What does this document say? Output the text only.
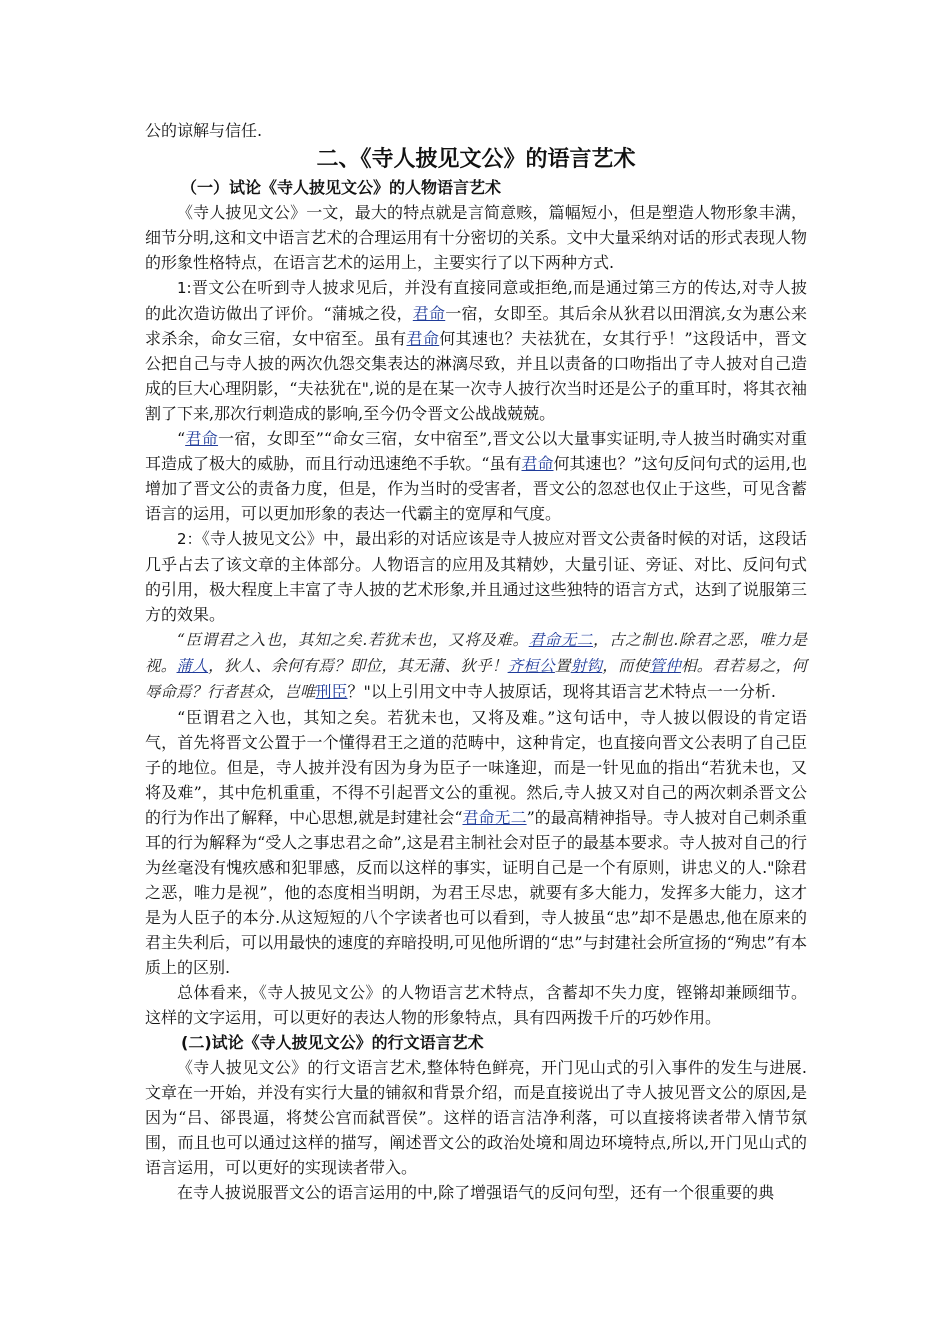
公的谅解与信任.
二、《寺人披见文公》的语言艺术
（一）试论《寺人披见文公》的人物语言艺术

《寺人披见文公》一文，最大的特点就是言简意赅，篇幅短小，但是塑造人物形象丰满，细节分明,这和文中语言艺术的合理运用有十分密切的关系。文中大量采纳对话的形式表现人物的形象性格特点，在语言艺术的运用上，主要实行了以下两种方式.

1:晋文公在听到寺人披求见后，并没有直接同意或拒绝,而是通过第三方的传达,对寺人披的此次造访做出了评价。“蒲城之役，君命一宿，女即至。其后余从狄君以田渭滨,女为惠公来求杀余，命女三宿，女中宿至。虽有君命何其速也？夫祛犹在，女其行乎！”这段话中，晋文公把自己与寺人披的两次仇怨交集表达的淋漓尽致，并且以责备的口吻指出了寺人披对自己造成的巨大心理阴影，“夫祛犹在",说的是在某一次寺人披行次当时还是公子的重耳时，将其衣袖割了下来,那次行刺造成的影响,至今仍令晋文公战战兢兢。

“君命一宿，女即至”“命女三宿，女中宿至”,晋文公以大量事实证明,寺人披当时确实对重耳造成了极大的威胁，而且行动迅速绝不手软。“虽有君命何其速也？”这句反问句式的运用,也增加了晋文公的责备力度，但是，作为当时的受害者，晋文公的忽怼也仅止于这些，可见含蓄语言的运用，可以更加形象的表达一代霸主的宽厚和气度。

2：《寺人披见文公》中，最出彩的对话应该是寺人披应对晋文公责备时候的对话，这段话几乎占去了该文章的主体部分。人物语言的应用及其精妙，大量引证、旁证、对比、反问句式的引用，极大程度上丰富了寺人披的艺术形象,并且通过这些独特的语言方式，达到了说服第三方的效果。

“臣谓君之入也，其知之矣.若犹未也，又将及难。君命无二，古之制也.除君之恶，唯力是视。蒲人，狄人、余何有焉？即位，其无蒲、狄乎！齐桓公置射钩，而使管仲相。君若易之，何辱命焉？行者甚众，岂唯刑臣？"以上引用文中寺人披原话，现将其语言艺术特点一一分析.

“臣谓君之入也，其知之矣。若犹未也，又将及难。”这句话中，寺人披以假设的肯定语气，首先将晋文公置于一个懂得君王之道的范畴中，这种肯定，也直接向晋文公表明了自己臣子的地位。但是，寺人披并没有因为身为臣子一味逢迎，而是一针见血的指出“若犹未也，又将及难”，其中危机重重，不得不引起晋文公的重视。然后,寺人披又对自己的两次刺杀晋文公的行为作出了解释，中心思想,就是封建社会“君命无二”的最高精神指导。寺人披对自己刺杀重耳的行为解释为“受人之事忠君之命”,这是君主制社会对臣子的最基本要求。寺人披对自己的行为丝毫没有愧疚感和犯罪感，反而以这样的事实，证明自己是一个有原则，讲忠义的人."除君之恶，唯力是视”，他的态度相当明朗，为君王尽忠，就要有多大能力，发挥多大能力，这才是为人臣子的本分.从这短短的八个字读者也可以看到，寺人披虽“忠”却不是愚忠,他在原来的君主失利后，可以用最快的速度的弃暗投明,可见他所谓的“忠”与封建社会所宣扬的“殉忠”有本质上的区别.

总体看来，《寺人披见文公》的人物语言艺术特点，含蓄却不失力度，铿锵却兼顾细节。这样的文字运用，可以更好的表达人物的形象特点，具有四两拨千斤的巧妙作用。

(二)试论《寺人披见文公》的行文语言艺术

《寺人披见文公》的行文语言艺术,整体特色鲜亮，开门见山式的引入事件的发生与进展.文章在一开始，并没有实行大量的铺叙和背景介绍，而是直接说出了寺人披见晋文公的原因,是因为“吕、郤畏逼，将焚公宫而弑晋侯”。这样的语言洁净利落，可以直接将读者带入情节氛围，而且也可以通过这样的描写，阐述晋文公的政治处境和周边环境特点,所以,开门见山式的语言运用，可以更好的实现读者带入。

在寺人披说服晋文公的语言运用的中,除了增强语气的反问句型，还有一个很重要的典
